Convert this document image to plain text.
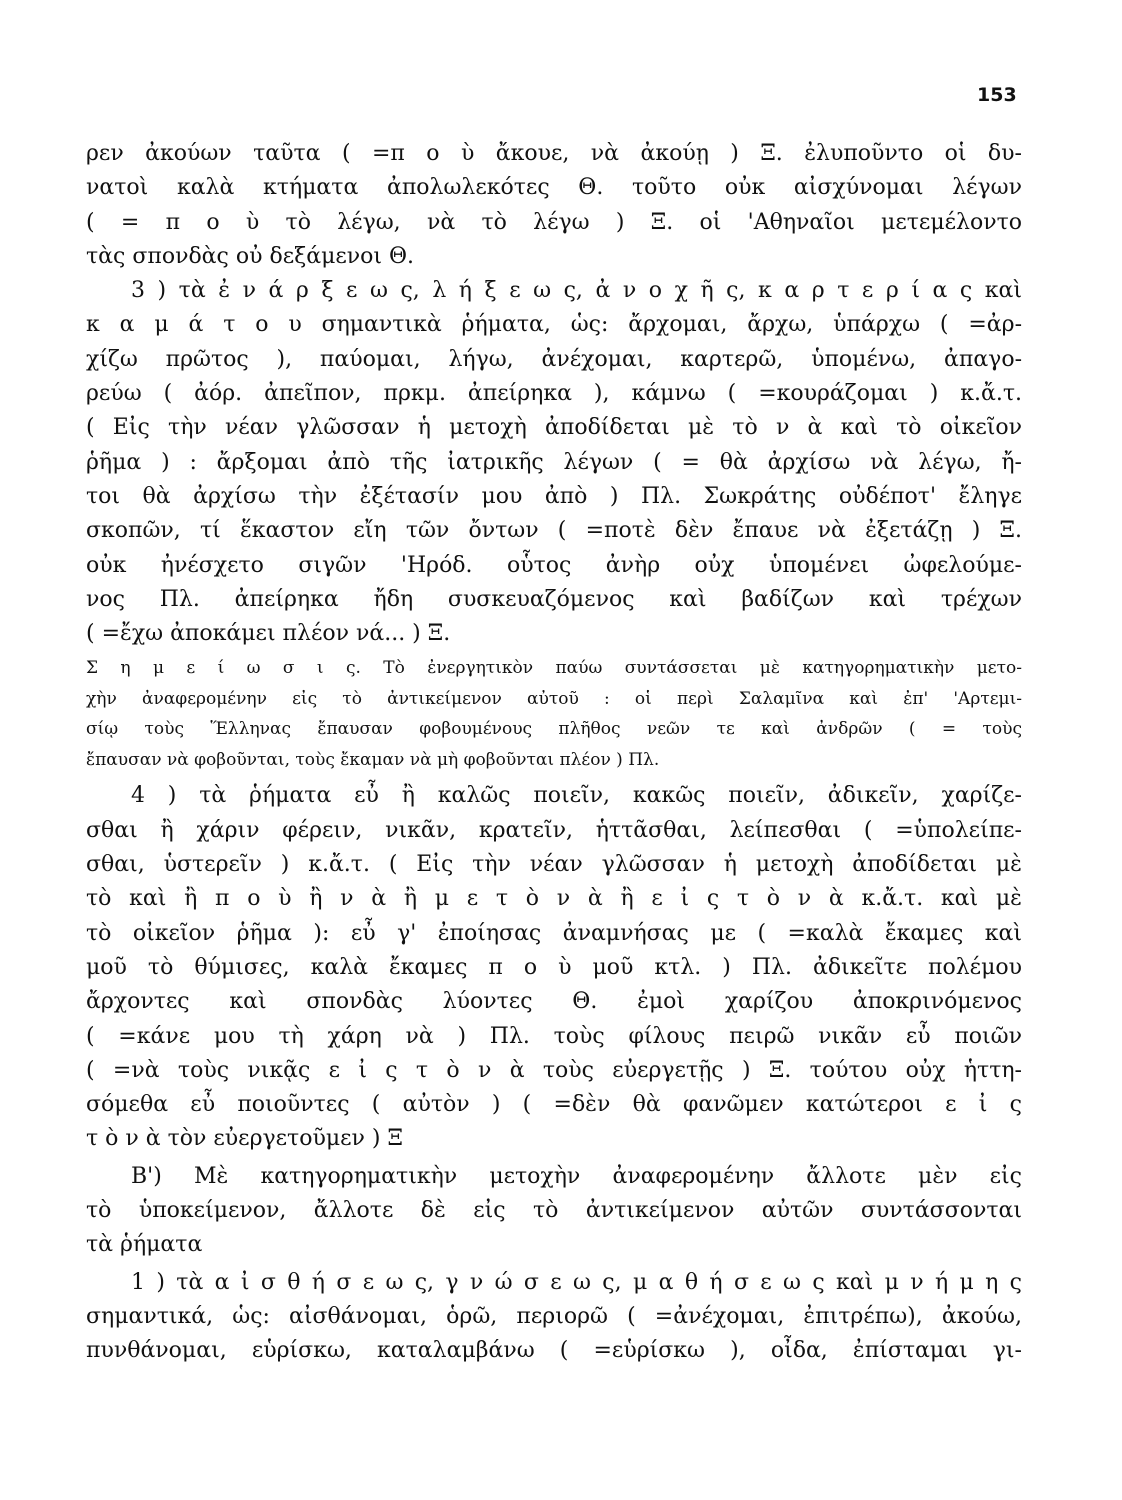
153
ρεν ἀκούων ταῦτα ( =π ο ὺ ἄκουε, νὰ ἀκούῃ ) Ξ. ἐλυποῦντο οἱ δυ-
νατοὶ καλὰ κτήματα ἀπολωλεκότες Θ. τοῦτο οὐκ αἰσχύνομαι λέγων
( = π ο ὺ τὸ λέγω, νὰ τὸ λέγω ) Ξ. οἱ 'Αθηναῖοι μετεμέλοντο
τὰς σπονδὰς οὐ δεξάμενοι Θ.
3 ) τὰ ἐ ν ά ρ ξ ε ω ς, λ ή ξ ε ω ς, ἀ ν ο χ ῆ ς, κ α ρ τ ε ρ ί α ς καὶ
κ α μ ά τ ο υ σημαντικὰ ῥήματα, ὡς: ἄρχομαι, ἄρχω, ὑπάρχω ( =ἀρ-
χίζω πρῶτος ), παύομαι, λήγω, ἀνέχομαι, καρτερῶ, ὑπομένω, ἀπαγο-
ρεύω ( ἀόρ. ἀπεῖπον, πρκμ. ἀπείρηκα ), κάμνω ( =κουράζομαι ) κ.ἄ.τ.
( Εἰς τὴν νέαν γλῶσσαν ἡ μετοχὴ ἀποδίδεται μὲ τὸ ν ὰ καὶ τὸ οἰκεῖον
ῥῆμα ) : ἄρξομαι ἀπὸ τῆς ἰατρικῆς λέγων ( = θὰ ἀρχίσω νὰ λέγω, ἤ-
τοι θὰ ἀρχίσω τὴν ἐξέτασίν μου ἀπὸ ) Πλ. Σωκράτης οὐδέποτ' ἔληγε
σκοπῶν, τί ἕκαστον εἴη τῶν ὄντων ( =ποτὲ δὲν ἔπαυε νὰ ἐξετάζῃ ) Ξ.
οὐκ ἠνέσχετο σιγῶν 'Ηρόδ. οὗτος ἀνὴρ οὐχ ὑπομένει ὠφελούμε-
νος Πλ. ἀπείρηκα ἤδη συσκευαζόμενος καὶ βαδίζων καὶ τρέχων
( =ἔχω ἀποκάμει πλέον νά... ) Ξ.
Σ η μ ε ί ω σ ι ς. Τὸ ἐνεργητικὸν παύω συντάσσεται μὲ κατηγορηματικὴν μετο-
χὴν ἀναφερομένην εἰς τὸ ἀντικείμενον αὐτοῦ : οἱ περὶ Σαλαμῖνα καὶ ἐπ' 'Αρτεμι-
σίῳ τοὺς Ἕλληνας ἔπαυσαν φοβουμένους πλῆθος νεῶν τε καὶ ἀνδρῶν ( = τοὺς
ἔπαυσαν νὰ φοβοῦνται, τοὺς ἔκαμαν νὰ μὴ φοβοῦνται πλέον ) Πλ.
4 ) τὰ ῥήματα εὖ ἢ καλῶς ποιεῖν, κακῶς ποιεῖν, ἀδικεῖν, χαρίζε-
σθαι ἢ χάριν φέρειν, νικᾶν, κρατεῖν, ἡττᾶσθαι, λείπεσθαι ( =ὑπολείπε-
σθαι, ὑστερεῖν ) κ.ἄ.τ. ( Εἰς τὴν νέαν γλῶσσαν ἡ μετοχὴ ἀποδίδεται μὲ
τὸ καὶ ἢ π ο ὺ ἢ ν ὰ ἢ μ ε τ ὸ ν ὰ ἢ ε ἰ ς τ ὸ ν ὰ κ.ἄ.τ. καὶ μὲ
τὸ οἰκεῖον ῥῆμα ): εὖ γ' ἐποίησας ἀναμνήσας με ( =καλὰ ἔκαμες καὶ
μοῦ τὸ θύμισες, καλὰ ἔκαμες π ο ὺ μοῦ κτλ. ) Πλ. ἀδικεῖτε πολέμου
ἄρχοντες καὶ σπονδὰς λύοντες Θ. ἐμοὶ χαρίζου ἀποκρινόμενος
( =κάνε μου τὴ χάρη νὰ ) Πλ. τοὺς φίλους πειρῶ νικᾶν εὖ ποιῶν
( =νὰ τοὺς νικᾷς ε ἰ ς τ ὸ ν ὰ τοὺς εὐεργετῇς ) Ξ. τούτου οὐχ ἡττη-
σόμεθα εὖ ποιοῦντες ( αὐτὸν ) ( =δὲν θὰ φανῶμεν κατώτεροι ε ἰ ς
τ ὸ ν ὰ τὸν εὐεργετοῦμεν ) Ξ
Β') Μὲ κατηγορηματικὴν μετοχὴν ἀναφερομένην ἄλλοτε μὲν εἰς
τὸ ὑποκείμενον, ἄλλοτε δὲ εἰς τὸ ἀντικείμενον αὐτῶν συντάσσονται
τὰ ῥήματα
1 ) τὰ α ἰ σ θ ή σ ε ω ς, γ ν ώ σ ε ω ς, μ α θ ή σ ε ω ς καὶ μ ν ή μ η ς
σημαντικά, ὡς: αἰσθάνομαι, ὁρῶ, περιορῶ ( =ἀνέχομαι, ἐπιτρέπω), ἀκούω,
πυνθάνομαι, εὑρίσκω, καταλαμβάνω ( =εὑρίσκω ), οἶδα, ἐπίσταμαι γι-
